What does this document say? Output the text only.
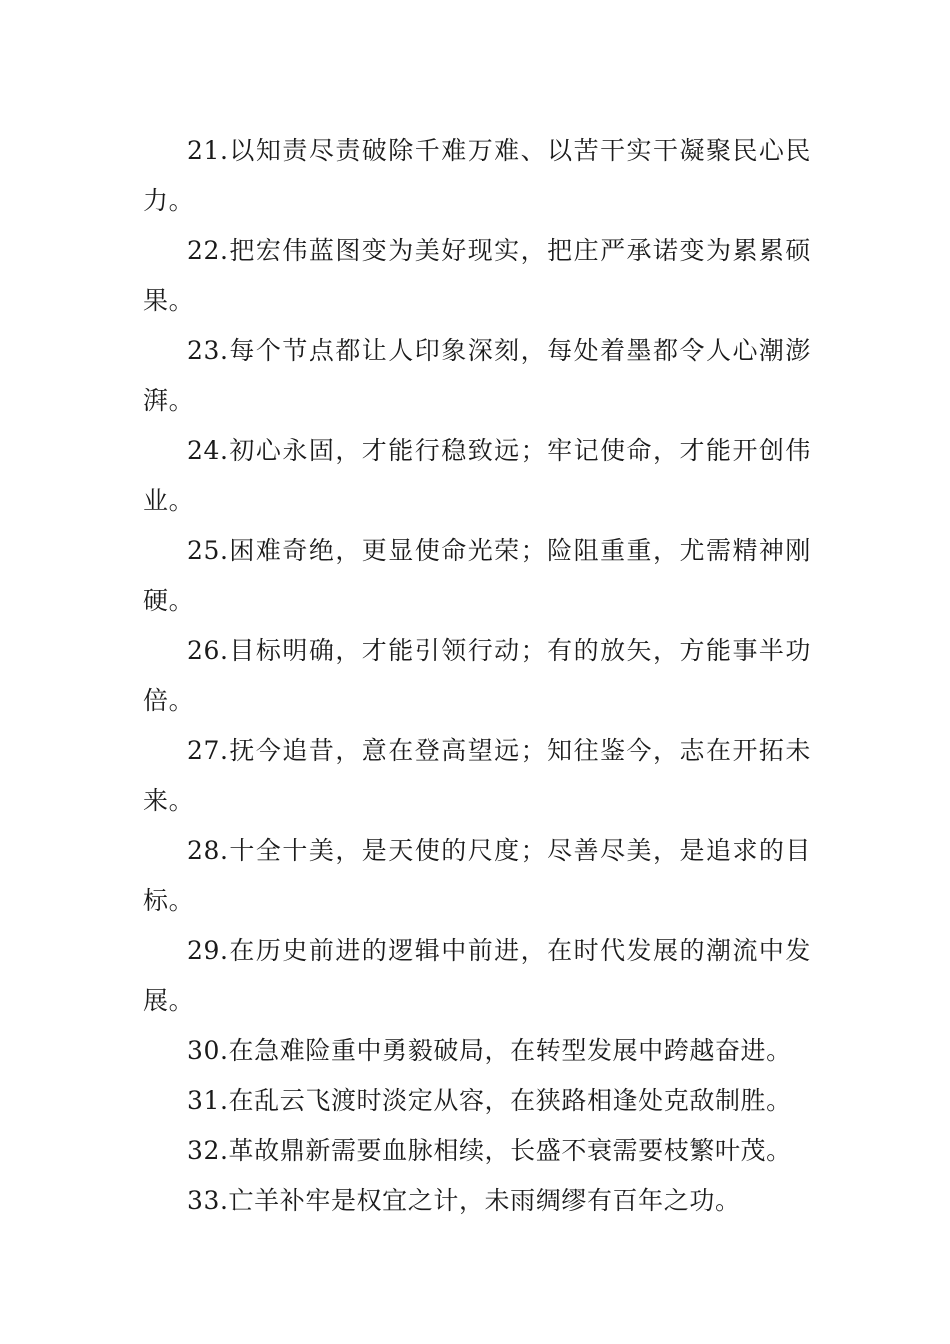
21.以知责尽责破除千难万难、以苦干实干凝聚民心民力。

22.把宏伟蓝图变为美好现实，把庄严承诺变为累累硕果。

23.每个节点都让人印象深刻，每处着墨都令人心潮澎湃。

24.初心永固，才能行稳致远；牢记使命，才能开创伟业。

25.困难奇绝，更显使命光荣；险阻重重，尤需精神刚硬。

26.目标明确，才能引领行动；有的放矢，方能事半功倍。

27.抚今追昔，意在登高望远；知往鉴今，志在开拓未来。

28.十全十美，是天使的尺度；尽善尽美，是追求的目标。

29.在历史前进的逻辑中前进，在时代发展的潮流中发展。

30.在急难险重中勇毅破局，在转型发展中跨越奋进。

31.在乱云飞渡时淡定从容，在狭路相逢处克敌制胜。

32.革故鼎新需要血脉相续，长盛不衰需要枝繁叶茂。

33.亡羊补牢是权宜之计，未雨绸缪有百年之功。
